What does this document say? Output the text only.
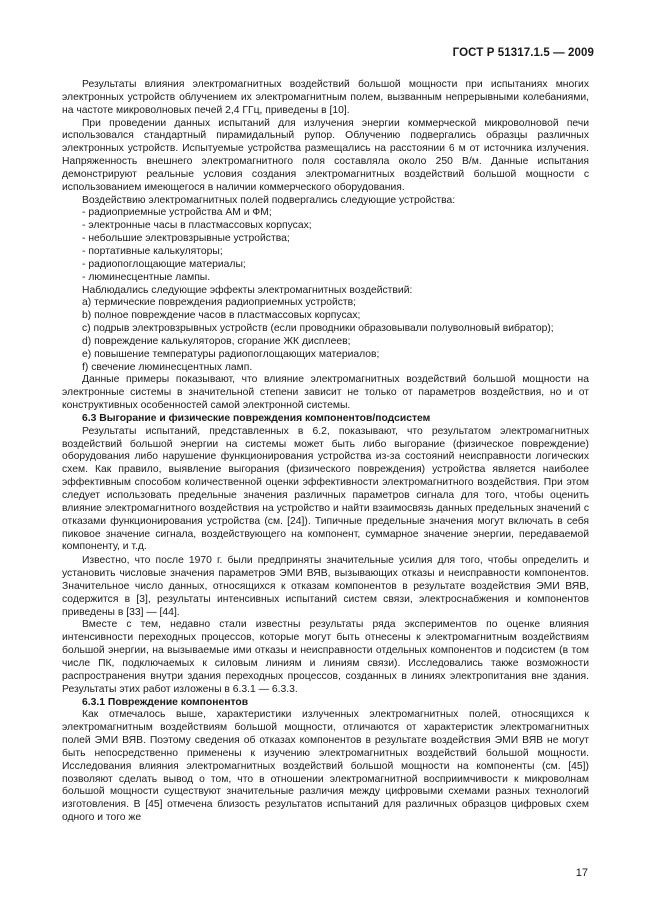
ГОСТ Р 51317.1.5 — 2009

Результаты влияния электромагнитных воздействий большой мощности при испытаниях многих электронных устройств облучением их электромагнитным полем, вызванным непрерывными колебаниями, на частоте микроволновых печей 2,4 ГГц, приведены в [10].

При проведении данных испытаний для излучения энергии коммерческой микроволновой печи использовался стандартный пирамидальный рупор. Облучению подвергались образцы различных электронных устройств. Испытуемые устройства размещались на расстоянии 6 м от источника излучения. Напряженность внешнего электромагнитного поля составляла около 250 В/м. Данные испытания демонстрируют реальные условия создания электромагнитных воздействий большой мощности с использованием имеющегося в наличии коммерческого оборудования.

Воздействию электромагнитных полей подвергались следующие устройства:

- радиоприемные устройства АМ и ФМ;

- электронные часы в пластмассовых корпусах;

- небольшие электровзрывные устройства;

- портативные калькуляторы;

- радиопоглощающие материалы;

- люминесцентные лампы.

Наблюдались следующие эффекты электромагнитных воздействий:

а) термические повреждения радиоприемных устройств;

b) полное повреждение часов в пластмассовых корпусах;

c) подрыв электровзрывных устройств (если проводники образовывали полуволновый вибратор);

d) повреждение калькуляторов, сгорание ЖК дисплеев;

e) повышение температуры радиопоглощающих материалов;

f) свечение люминесцентных ламп.

Данные примеры показывают, что влияние электромагнитных воздействий большой мощности на электронные системы в значительной степени зависит не только от параметров воздействия, но и от конструктивных особенностей самой электронной системы.

6.3 Выгорание и физические повреждения компонентов/подсистем

Результаты испытаний, представленных в 6.2, показывают, что результатом электромагнитных воздействий большой энергии на системы может быть либо выгорание (физическое повреждение) оборудования либо нарушение функционирования устройства из-за состояний неисправности логических схем. Как правило, выявление выгорания (физического повреждения) устройства является наиболее эффективным способом количественной оценки эффективности электромагнитного воздействия. При этом следует использовать предельные значения различных параметров сигнала для того, чтобы оценить влияние электромагнитного воздействия на устройство и найти взаимосвязь данных предельных значений с отказами функционирования устройства (см. [24]). Типичные предельные значения могут включать в себя пиковое значение сигнала, воздействующего на компонент, суммарное значение энергии, передаваемой компоненту, и т.д.

Известно, что после 1970 г. были предприняты значительные усилия для того, чтобы определить и установить числовые значения параметров ЭМИ ВЯВ, вызывающих отказы и неисправности компонентов. Значительное число данных, относящихся к отказам компонентов в результате воздействия ЭМИ ВЯВ, содержится в [3], результаты интенсивных испытаний систем связи, электроснабжения и компонентов приведены в [33] — [44].

Вместе с тем, недавно стали известны результаты ряда экспериментов по оценке влияния интенсивности переходных процессов, которые могут быть отнесены к электромагнитным воздействиям большой энергии, на вызываемые ими отказы и неисправности отдельных компонентов и подсистем (в том числе ПК, подключаемых к силовым линиям и линиям связи). Исследовались также возможности распространения внутри здания переходных процессов, созданных в линиях электропитания вне здания. Результаты этих работ изложены в 6.3.1 — 6.3.3.

6.3.1 Повреждение компонентов

Как отмечалось выше, характеристики излученных электромагнитных полей, относящихся к электромагнитным воздействиям большой мощности, отличаются от характеристик электромагнитных полей ЭМИ ВЯВ. Поэтому сведения об отказах компонентов в результате воздействия ЭМИ ВЯВ не могут быть непосредственно применены к изучению электромагнитных воздействий большой мощности. Исследования влияния электромагнитных воздействий большой мощности на компоненты (см. [45]) позволяют сделать вывод о том, что в отношении электромагнитной восприимчивости к микроволнам большой мощности существуют значительные различия между цифровыми схемами разных технологий изготовления. В [45] отмечена близость результатов испытаний для различных образцов цифровых схем одного и того же

17
